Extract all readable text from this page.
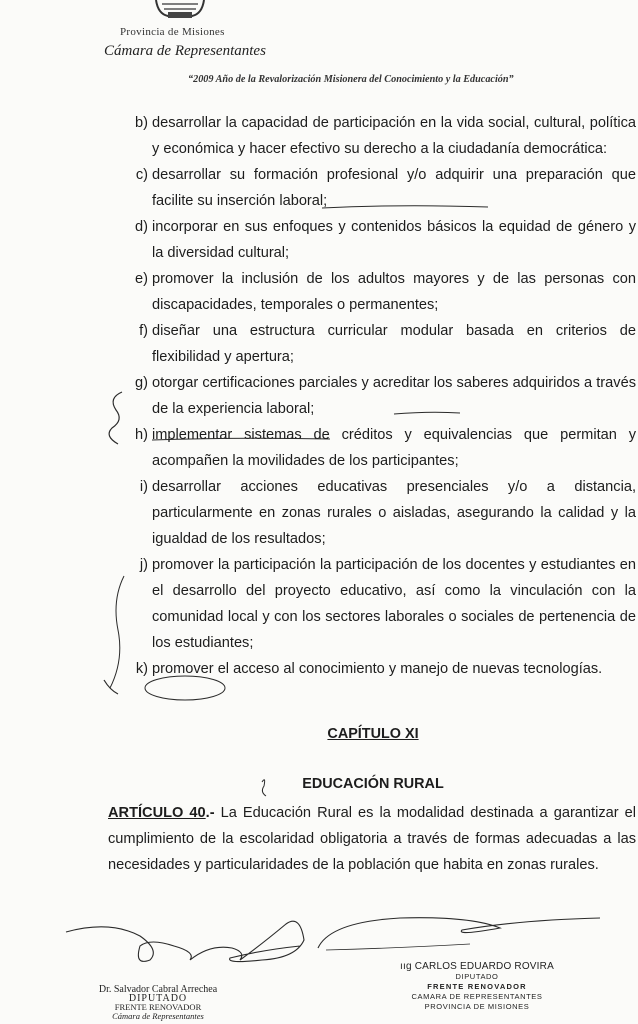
Provincia de Misiones
Cámara de Representantes
“2009 Año de la Revalorización Misionera del Conocimiento y la Educación”
b) desarrollar la capacidad de participación en la vida social, cultural, política y económica y hacer efectivo su derecho a la ciudadanía democrática:
c) desarrollar su formación profesional y/o adquirir una preparación que facilite su inserción laboral;
d) incorporar en sus enfoques y contenidos básicos la equidad de género y la diversidad cultural;
e) promover la inclusión de los adultos mayores y de las personas con discapacidades, temporales o permanentes;
f) diseñar una estructura curricular modular basada en criterios de flexibilidad y apertura;
g) otorgar certificaciones parciales y acreditar los saberes adquiridos a través de la experiencia laboral;
h) implementar sistemas de créditos y equivalencias que permitan y acompañen la movilidades de los participantes;
i) desarrollar acciones educativas presenciales y/o a distancia, particularmente en zonas rurales o aisladas, asegurando la calidad y la igualdad de los resultados;
j) promover la participación la participación de los docentes y estudiantes en el desarrollo del proyecto educativo, así como la vinculación con la comunidad local y con los sectores laborales o sociales de pertenencia de los estudiantes;
k) promover el acceso al conocimiento y manejo de nuevas tecnologías.
CAPÍTULO XI
EDUCACIÓN RURAL
ARTÍCULO 40.- La Educación Rural es la modalidad destinada a garantizar el cumplimiento de la escolaridad obligatoria a través de formas adecuadas a las necesidades y particularidades de la población que habita en zonas rurales.
Dr. Salvador Cabral Arrechea
DIPUTADO
FRENTE RENOVADOR
Cámara de Representantes
ııg CARLOS EDUARDO ROVIRA
DIPUTADO
FRENTE RENOVADOR
CAMARA DE REPRESENTANTES
PROVINCIA DE MISIONES
